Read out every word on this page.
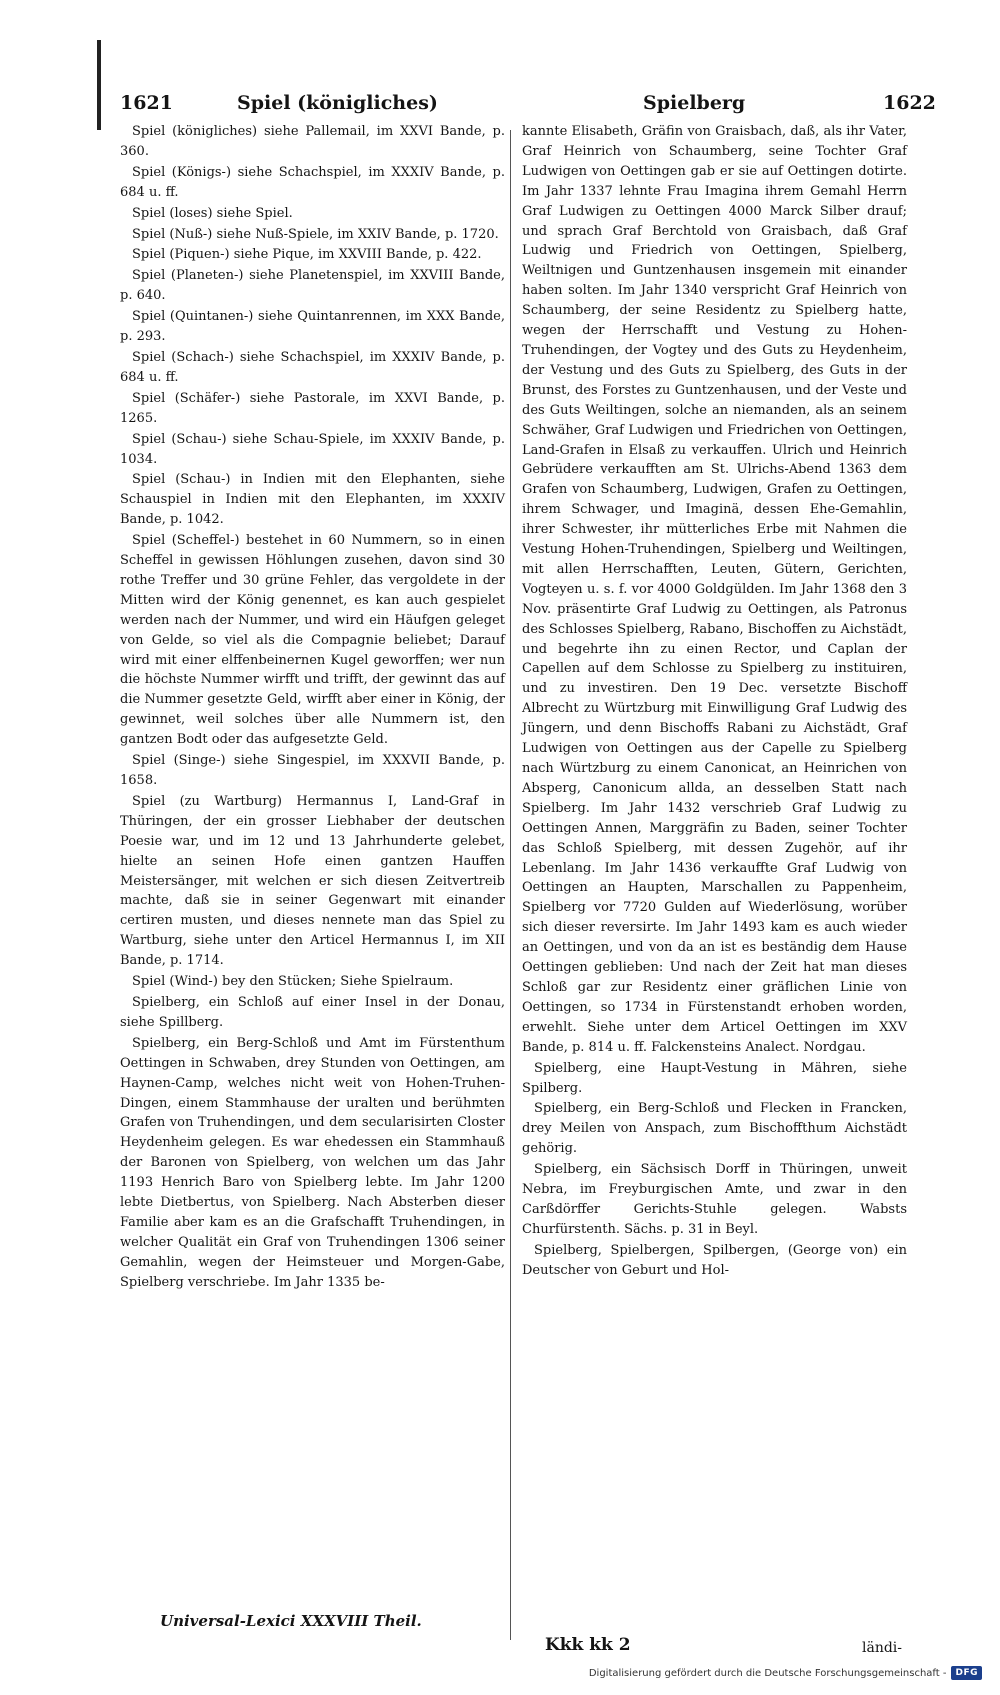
1621	Spiel (königliches)	Spielberg	1622

Spiel (königliches) siehe Pallemail, im XXVI Bande, p. 360.

Spiel (Königs-) siehe Schachspiel, im XXXIV Bande, p. 684 u. ff.

Spiel (loses) siehe Spiel.

Spiel (Nuß-) siehe Nuß-Spiele, im XXIV Bande, p. 1720.

Spiel (Piquen-) siehe Pique, im XXVIII Bande, p. 422.

Spiel (Planeten-) siehe Planetenspiel, im XXVIII Bande, p. 640.

Spiel (Quintanen-) siehe Quintanrennen, im XXX Bande, p. 293.

Spiel (Schach-) siehe Schachspiel, im XXXIV Bande, p. 684 u. ff.

Spiel (Schäfer-) siehe Pastorale, im XXVI Bande, p. 1265.

Spiel (Schau-) siehe Schau-Spiele, im XXXIV Bande, p. 1034.

Spiel (Schau-) in Indien mit den Elephanten, siehe Schauspiel in Indien mit den Elephanten, im XXXIV Bande, p. 1042.

Spiel (Scheffel-) bestehet in 60 Nummern, so in einen Scheffel in gewissen Höhlungen zusehen, davon sind 30 rothe Treffer und 30 grüne Fehler, das vergoldete in der Mitten wird der König genennet, es kan auch gespielet werden nach der Nummer, und wird ein Häufgen geleget von Gelde, so viel als die Compagnie beliebet; Darauf wird mit einer elffenbeinernen Kugel geworffen; wer nun die höchste Nummer wirfft und trifft, der gewinnt das auf die Nummer gesetzte Geld, wirfft aber einer in König, der gewinnet, weil solches über alle Nummern ist, den gantzen Bodt oder das aufgesetzte Geld.

Spiel (Singe-) siehe Singespiel, im XXXVII Bande, p. 1658.

Spiel (zu Wartburg) Hermannus I, Land-Graf in Thüringen, der ein grosser Liebhaber der deutschen Poesie war, und im 12 und 13 Jahrhunderte gelebet, hielte an seinen Hofe einen gantzen Hauffen Meistersänger, mit welchen er sich diesen Zeitvertreib machte, daß sie in seiner Gegenwart mit einander certiren musten, und dieses nennete man das Spiel zu Wartburg, siehe unter den Articel Hermannus I, im XII Bande, p. 1714.

Spiel (Wind-) bey den Stücken; Siehe Spielraum.

Spielberg, ein Schloß auf einer Insel in der Donau, siehe Spillberg.

Spielberg, ein Berg-Schloß und Amt im Fürstenthum Oettingen in Schwaben, drey Stunden von Oettingen, am Haynen-Camp, welches nicht weit von Hohen-Truhen-Dingen, einem Stammhause der uralten und berühmten Grafen von Truhendingen, und dem secularisirten Closter Heydenheim gelegen. Es war ehedessen ein Stammhauß der Baronen von Spielberg, von welchen um das Jahr 1193 Henrich Baro von Spielberg lebte. Im Jahr 1200 lebte Dietbertus, von Spielberg. Nach Absterben dieser Familie aber kam es an die Grafschafft Truhendingen, in welcher Qualität ein Graf von Truhendingen 1306 seiner Gemahlin, wegen der Heimsteuer und Morgen-Gabe, Spielberg verschriebe. Im Jahr 1335 be-

kannte Elisabeth, Gräfin von Graisbach, daß, als ihr Vater, Graf Heinrich von Schaumberg, seine Tochter Graf Ludwigen von Oettingen gab er sie auf Oettingen dotirte. Im Jahr 1337 lehnte Frau Imagina ihrem Gemahl Herrn Graf Ludwigen zu Oettingen 4000 Marck Silber drauf; und sprach Graf Berchtold von Graisbach, daß Graf Ludwig und Friedrich von Oettingen, Spielberg, Weiltnigen und Guntzenhausen insgemein mit einander haben solten. Im Jahr 1340 verspricht Graf Heinrich von Schaumberg, der seine Residentz zu Spielberg hatte, wegen der Herrschafft und Vestung zu Hohen-Truhendingen, der Vogtey und des Guts zu Heydenheim, der Vestung und des Guts zu Spielberg, des Guts in der Brunst, des Forstes zu Guntzenhausen, und der Veste und des Guts Weiltingen, solche an niemanden, als an seinem Schwäher, Graf Ludwigen und Friedrichen von Oettingen, Land-Grafen in Elsaß zu verkauffen. Ulrich und Heinrich Gebrüdere verkaufften am St. Ulrichs-Abend 1363 dem Grafen von Schaumberg, Ludwigen, Grafen zu Oettingen, ihrem Schwager, und Imaginä, dessen Ehe-Gemahlin, ihrer Schwester, ihr mütterliches Erbe mit Nahmen die Vestung Hohen-Truhendingen, Spielberg und Weiltingen, mit allen Herrschafften, Leuten, Gütern, Gerichten, Vogteyen u. s. f. vor 4000 Goldgülden. Im Jahr 1368 den 3 Nov. präsentirte Graf Ludwig zu Oettingen, als Patronus des Schlosses Spielberg, Rabano, Bischoffen zu Aichstädt, und begehrte ihn zu einen Rector, und Caplan der Capellen auf dem Schlosse zu Spielberg zu instituiren, und zu investiren. Den 19 Dec. versetzte Bischoff Albrecht zu Würtzburg mit Einwilligung Graf Ludwig des Jüngern, und denn Bischoffs Rabani zu Aichstädt, Graf Ludwigen von Oettingen aus der Capelle zu Spielberg nach Würtzburg zu einem Canonicat, an Heinrichen von Absperg, Canonicum allda, an desselben Statt nach Spielberg. Im Jahr 1432 verschrieb Graf Ludwig zu Oettingen Annen, Marggräfin zu Baden, seiner Tochter das Schloß Spielberg, mit dessen Zugehör, auf ihr Lebenlang. Im Jahr 1436 verkauffte Graf Ludwig von Oettingen an Haupten, Marschallen zu Pappenheim, Spielberg vor 7720 Gulden auf Wiederlösung, worüber sich dieser reversirte. Im Jahr 1493 kam es auch wieder an Oettingen, und von da an ist es beständig dem Hause Oettingen geblieben: Und nach der Zeit hat man dieses Schloß gar zur Residentz einer gräflichen Linie von Oettingen, so 1734 in Fürstenstandt erhoben worden, erwehlt. Siehe unter dem Articel Oettingen im XXV Bande, p. 814 u. ff. Falckensteins Analect. Nordgau.

Spielberg, eine Haupt-Vestung in Mähren, siehe Spilberg.

Spielberg, ein Berg-Schloß und Flecken in Francken, drey Meilen von Anspach, zum Bischoffthum Aichstädt gehörig.

Spielberg, ein Sächsisch Dorff in Thüringen, unweit Nebra, im Freyburgischen Amte, und zwar in den Carßdörffer Gerichts-Stuhle gelegen. Wabsts Churfürstenth. Sächs. p. 31 in Beyl.

Spielberg, Spielbergen, Spilbergen, (George von) ein Deutscher von Geburt und Hol-

Universal-Lexici XXXVIII Theil.
Kkk kk 2	ländi-
Digitalisierung gefördert durch die Deutsche Forschungsgemeinschaft -	DFG
